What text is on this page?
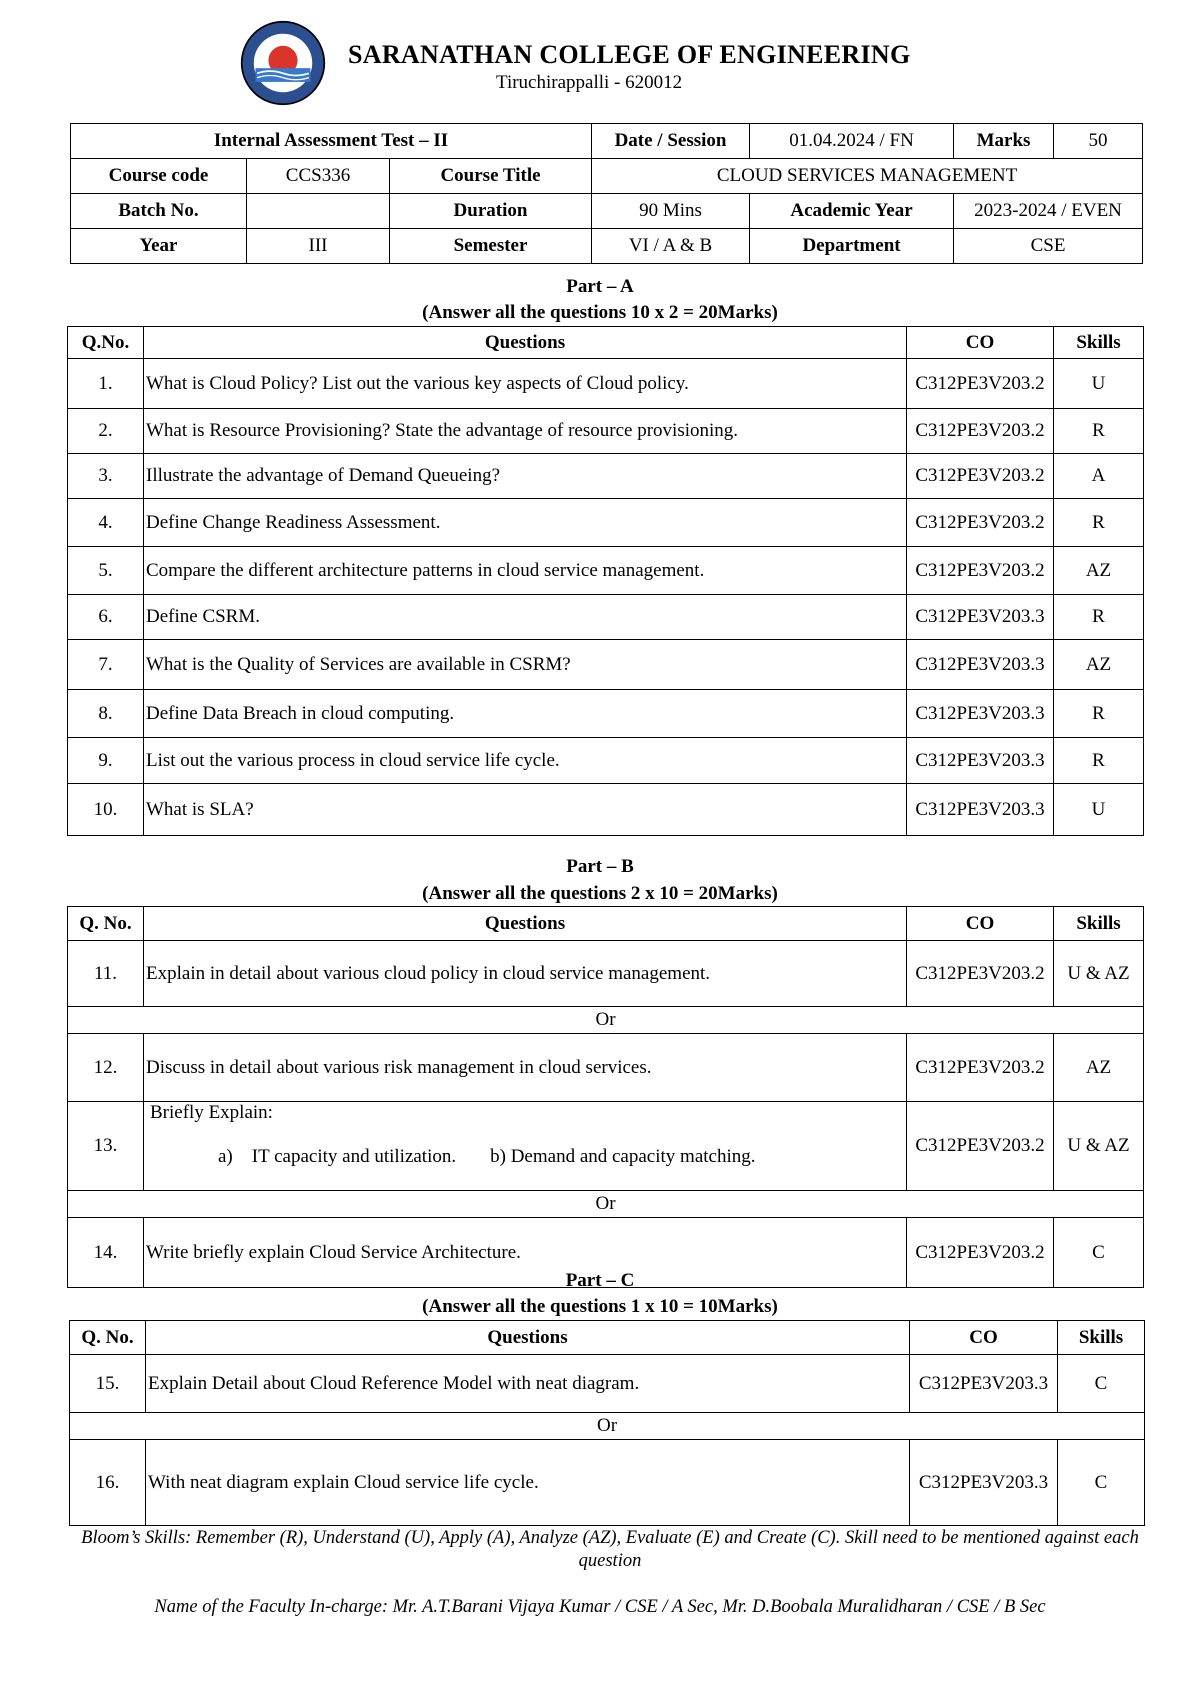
SARANATHAN COLLEGE OF ENGINEERING
Tiruchirappalli - 620012
Internal Assessment Test – II			Date / Session	01.04.2024 / FN	Marks	50
Course code	CCS336	Course Title	CLOUD SERVICES MANAGEMENT			
Batch No.		Duration	90 Mins	Academic Year	2023-2024 / EVEN	
Year	III	Semester	VI / A & B	Department	CSE	
Part – A
(Answer all the questions 10 x 2 = 20Marks)
Q.No.	Questions	CO	Skills
1.	What is Cloud Policy? List out the various key aspects of Cloud policy.	C312PE3V203.2	U
2.	What is Resource Provisioning? State the advantage of resource provisioning.	C312PE3V203.2	R
3.	Illustrate the advantage of Demand Queueing?	C312PE3V203.2	A
4.	Define Change Readiness Assessment.	C312PE3V203.2	R
5.	Compare the different architecture patterns in cloud service management.	C312PE3V203.2	AZ
6.	Define CSRM.	C312PE3V203.3	R
7.	What is the Quality of Services are available in CSRM?	C312PE3V203.3	AZ
8.	Define Data Breach in cloud computing.	C312PE3V203.3	R
9.	List out the various process in cloud service life cycle.	C312PE3V203.3	R
10.	What is SLA?	C312PE3V203.3	U
Part – B
(Answer all the questions 2 x 10 = 20Marks)
Q. No.	Questions	CO	Skills
11.	Explain in detail about various cloud policy in cloud service management.	C312PE3V203.2	U & AZ
Or			
12.	Discuss in detail about various risk management in cloud services.	C312PE3V203.2	AZ
13.	Briefly Explain:

a)    IT capacity and utilization. b) Demand and capacity matching.	C312PE3V203.2	U & AZ
Or			
14.	Write briefly explain Cloud Service Architecture.	C312PE3V203.2	C
Part – C
(Answer all the questions 1 x 10 = 10Marks)
Q. No.	Questions	CO	Skills
15.	Explain Detail about Cloud Reference Model with neat diagram.	C312PE3V203.3	C
Or			
16.	With neat diagram explain Cloud service life cycle.	C312PE3V203.3	C
Bloom’s Skills: Remember (R), Understand (U), Apply (A), Analyze (AZ), Evaluate (E) and Create (C). Skill need to be mentioned against each question
Name of the Faculty In-charge: Mr. A.T.Barani Vijaya Kumar / CSE / A Sec, Mr. D.Boobala Muralidharan / CSE / B Sec
